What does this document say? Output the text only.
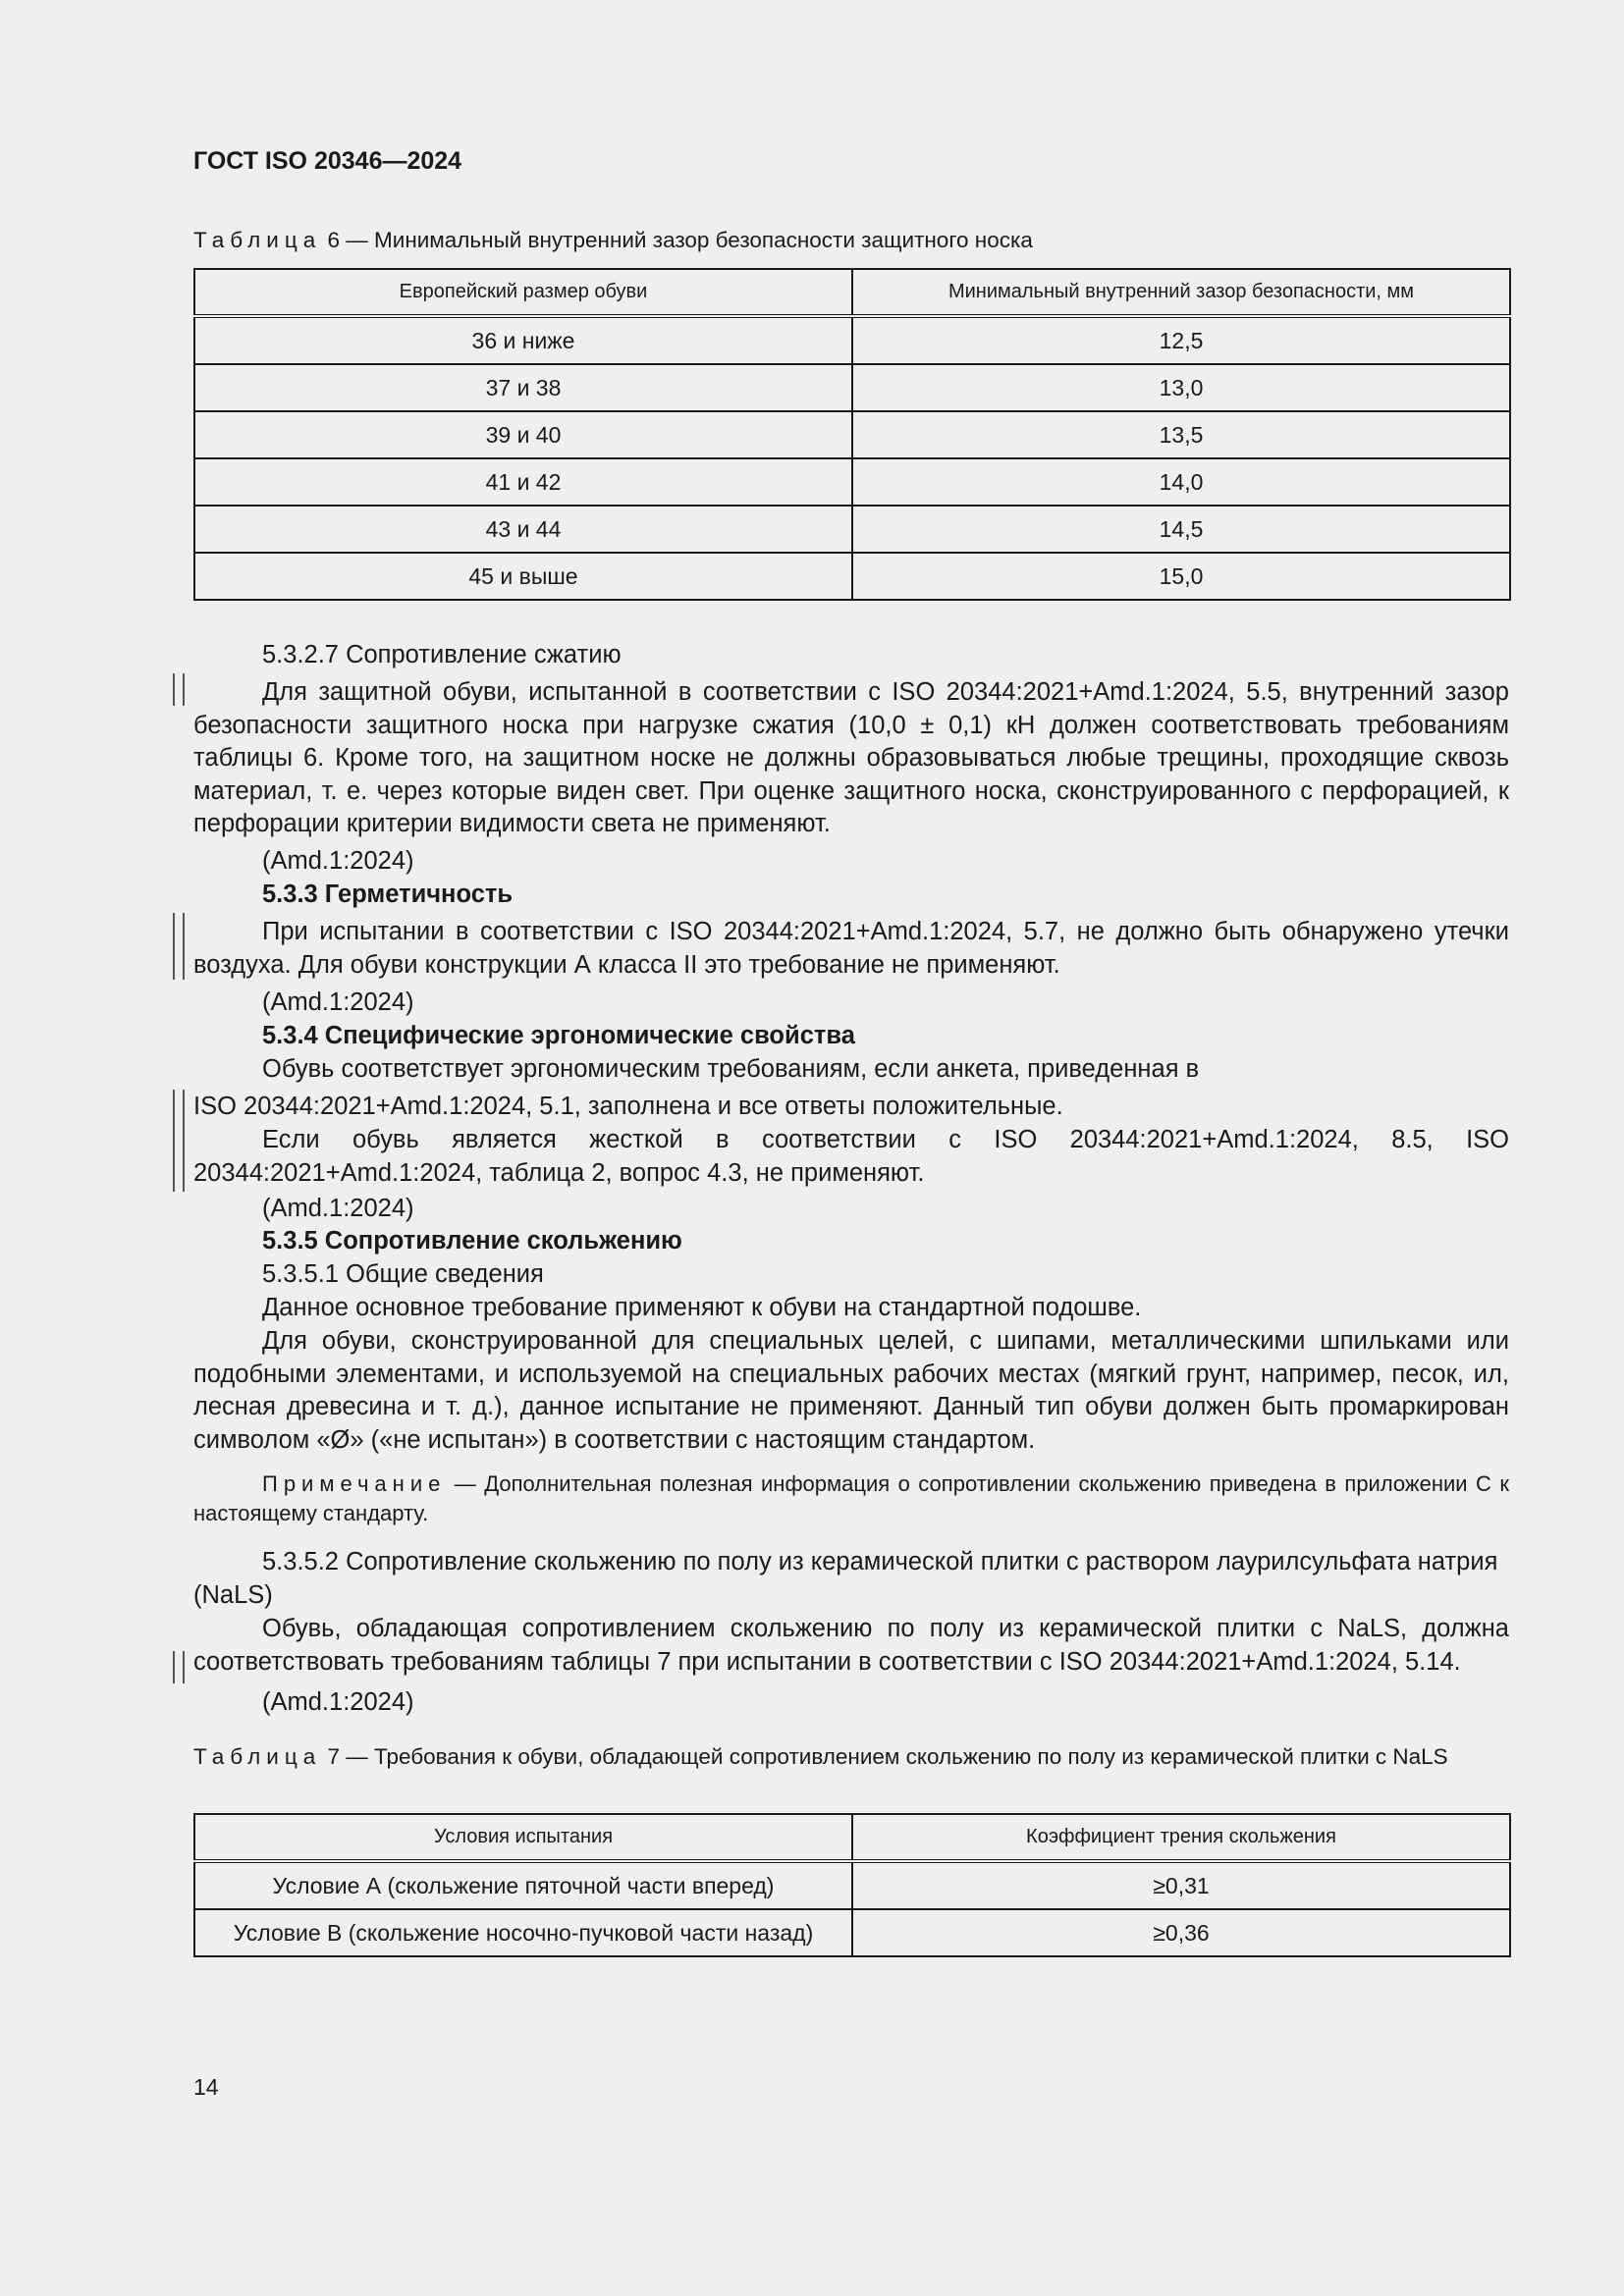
ГОСТ ISO 20346—2024
Таблица 6 — Минимальный внутренний зазор безопасности защитного носка
Европейский размер обуви	Минимальный внутренний зазор безопасности, мм
36 и ниже	12,5
37 и 38	13,0
39 и 40	13,5
41 и 42	14,0
43 и 44	14,5
45 и выше	15,0
5.3.2.7 Сопротивление сжатию
Для защитной обуви, испытанной в соответствии с ISO 20344:2021+Amd.1:2024, 5.5, внутренний зазор безопасности защитного носка при нагрузке сжатия (10,0 ± 0,1) кН должен соответствовать требованиям таблицы 6. Кроме того, на защитном носке не должны образовываться любые трещины, проходящие сквозь материал, т. е. через которые виден свет. При оценке защитного носка, сконструированного с перфорацией, к перфорации критерии видимости света не применяют.
(Amd.1:2024)
5.3.3 Герметичность
При испытании в соответствии с ISO 20344:2021+Amd.1:2024, 5.7, не должно быть обнаружено утечки воздуха. Для обуви конструкции А класса II это требование не применяют.
(Amd.1:2024)
5.3.4 Специфические эргономические свойства
Обувь соответствует эргономическим требованиям, если анкета, приведенная в
ISO 20344:2021+Amd.1:2024, 5.1, заполнена и все ответы положительные.
Если обувь является жесткой в соответствии с ISO 20344:2021+Amd.1:2024, 8.5, ISO 20344:2021+Amd.1:2024, таблица 2, вопрос 4.3, не применяют.
(Amd.1:2024)
5.3.5 Сопротивление скольжению
5.3.5.1 Общие сведения
Данное основное требование применяют к обуви на стандартной подошве.
Для обуви, сконструированной для специальных целей, с шипами, металлическими шпильками или подобными элементами, и используемой на специальных рабочих местах (мягкий грунт, например, песок, ил, лесная древесина и т. д.), данное испытание не применяют. Данный тип обуви должен быть промаркирован символом «Ø» («не испытан») в соответствии с настоящим стандартом.
Примечание — Дополнительная полезная информация о сопротивлении скольжению приведена в приложении С к настоящему стандарту.
5.3.5.2 Сопротивление скольжению по полу из керамической плитки с раствором лаурилсульфата натрия (NaLS)
Обувь, обладающая сопротивлением скольжению по полу из керамической плитки с NaLS, должна соответствовать требованиям таблицы 7 при испытании в соответствии с ISO 20344:2021+Amd.1:2024, 5.14.
(Amd.1:2024)
Таблица 7 — Требования к обуви, обладающей сопротивлением скольжению по полу из керамической плитки с NaLS
Условия испытания	Коэффициент трения скольжения
Условие А (скольжение пяточной части вперед)	≥0,31
Условие В (скольжение носочно-пучковой части назад)	≥0,36
14
